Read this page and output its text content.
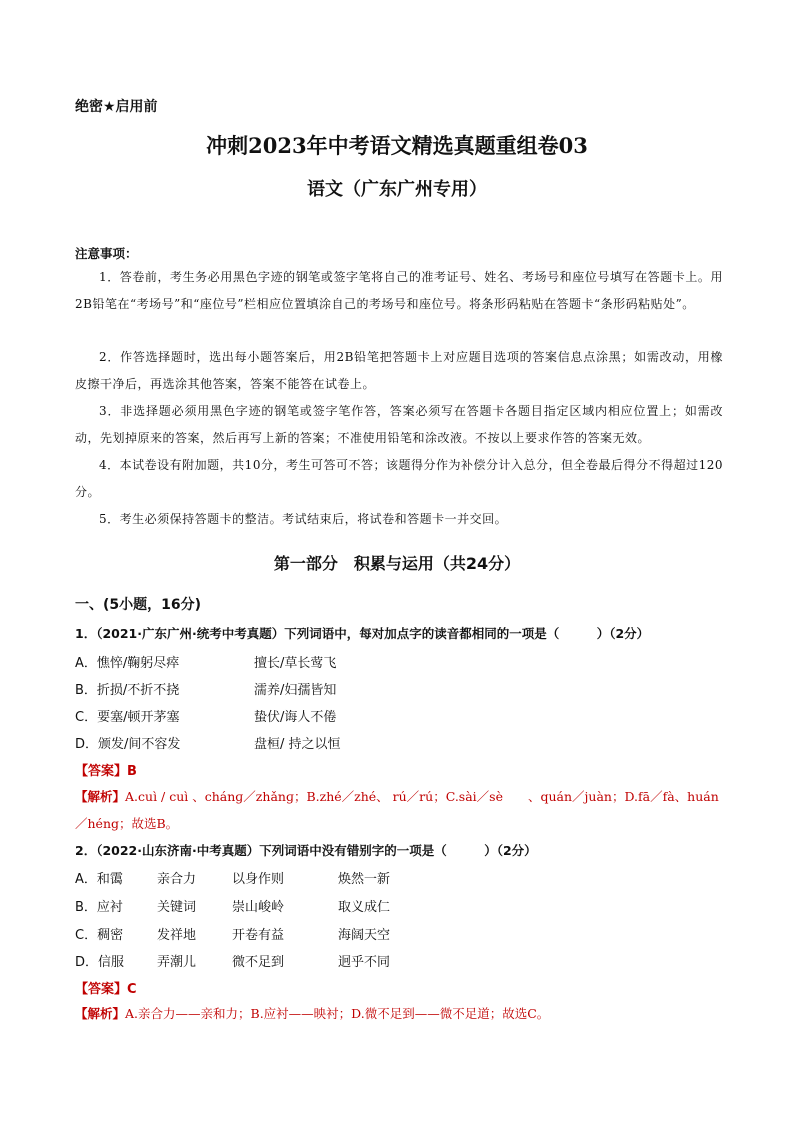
绝密★启用前
冲刺2023年中考语文精选真题重组卷03
语文（广东广州专用）
注意事项：
1．答卷前，考生务必用黑色字迹的钢笔或签字笔将自己的准考证号、姓名、考场号和座位号填写在答题卡上。用2B铅笔在“考场号”和“座位号”栏相应位置填涂自己的考场号和座位号。将条形码粘贴在答题卡“条形码粘贴处”。
2．作答选择题时，选出每小题答案后，用2B铅笔把答题卡上对应题目选项的答案信息点涂黑；如需改动，用橡皮擦干净后，再选涂其他答案，答案不能答在试卷上。
3．非选择题必须用黑色字迹的钢笔或签字笔作答，答案必须写在答题卡各题目指定区域内相应位置上；如需改动，先划掉原来的答案，然后再写上新的答案；不准使用铅笔和涂改液。不按以上要求作答的答案无效。
4．本试卷设有附加题，共10分，考生可答可不答；该题得分作为补偿分计入总分，但全卷最后得分不得超过120分。
5．考生必须保持答题卡的整洁。考试结束后，将试卷和答题卡一并交回。
第一部分　积累与运用（共24分）
一、(5小题，16分)
1．（2021·广东广州·统考中考真题）下列词语中，每对加点字的读音都相同的一项是（　　　）（2分）
A．憔悴/鞠躬尽瘁	擅长/草长莺飞
B．折损/不折不挠	濡养/妇孺皆知
C．要塞/顿开茅塞	蛰伏/诲人不倦
D．颁发/间不容发	盘桓/ 持之以恒
【答案】B
【解析】A.cuì / cuì 、chánɡ／zhǎnɡ；B.zhé／zhé、 rú／rú；C.sài／sè　　、quán／juàn；D.fā／fà、huán／héng；故选B。
2．（2022·山东济南·中考真题）下列词语中没有错别字的一项是（　　　）（2分）
A．和霭	亲合力	以身作则	焕然一新
B．应衬	关键词	崇山峻岭	取义成仁
C．稠密	发祥地	开卷有益	海阔天空
D．信服	弄潮儿	微不足到	迥乎不同
【答案】C
【解析】A.亲合力——亲和力；B.应衬——映衬；D.微不足到——微不足道；故选C。
